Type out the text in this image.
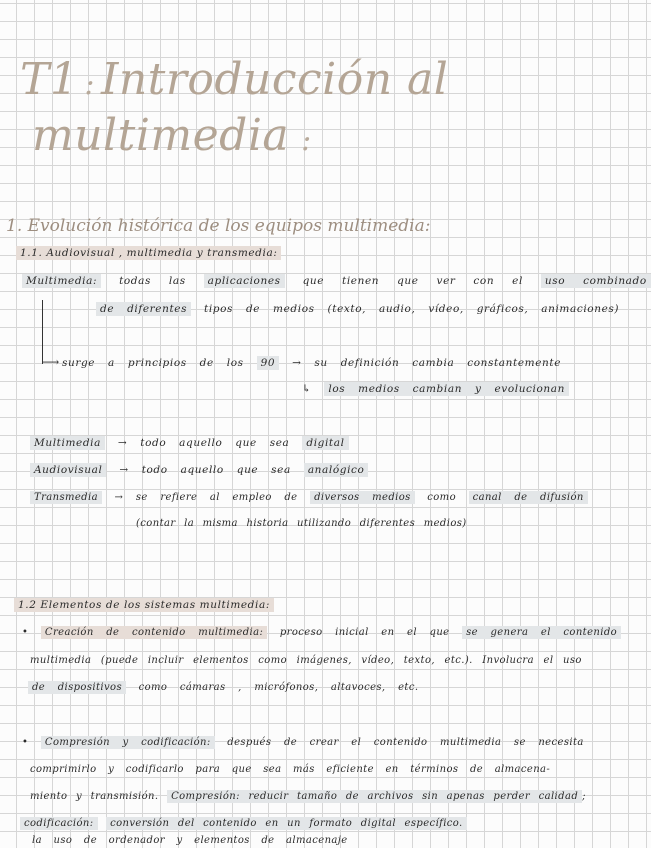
T1 : Introducción al
multimedia :
1. Evolución histórica de los equipos multimedia:
1.1. Audiovisual , multimedia y transmedia:
Multimedia: todas las aplicaciones que tienen que ver con el uso combinado
de diferentes tipos de medios (texto, audio, vídeo, gráficos, animaciones)
⟶ surge a principios de los 90 → su definición cambia constantemente
↳ los medios cambian y evolucionan
Multimedia → todo aquello que sea digital
Audiovisual → todo aquello que sea analógico
Transmedia → se refiere al empleo de diversos medios como canal de difusión
(contar la misma historia utilizando diferentes medios)
1.2 Elementos de los sistemas multimedia:
• Creación de contenido multimedia: proceso inicial en el que se genera el contenido
multimedia (puede incluir elementos como imágenes, vídeo, texto, etc.). Involucra el uso
de dispositivos como cámaras , micrófonos, altavoces, etc.
• Compresión y codificación: después de crear el contenido multimedia se necesita
comprimirlo y codificarlo para que sea más eficiente en términos de almacena-
miento y transmisión. Compresión: reducir tamaño de archivos sin apenas perder calidad ;
codificación: conversión del contenido en un formato digital específico.
la uso de ordenador y elementos de almacenaje
